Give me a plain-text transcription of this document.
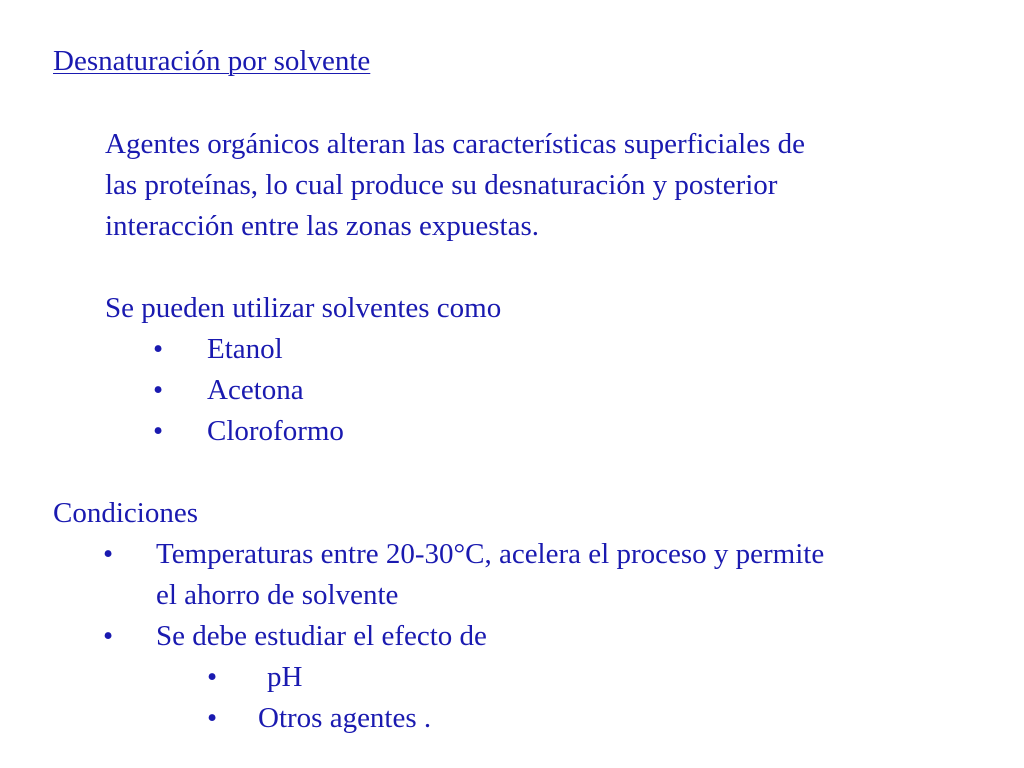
Desnaturación por solvente
Agentes orgánicos alteran las características superficiales de
las proteínas, lo cual produce su desnaturación y posterior
interacción entre las zonas expuestas.
Se pueden utilizar solventes como
• Etanol
• Acetona
• Cloroformo
Condiciones
• Temperaturas entre 20-30°C, acelera el proceso y permite
el ahorro de solvente
• Se debe estudiar el efecto de
• pH
• Otros agentes .
